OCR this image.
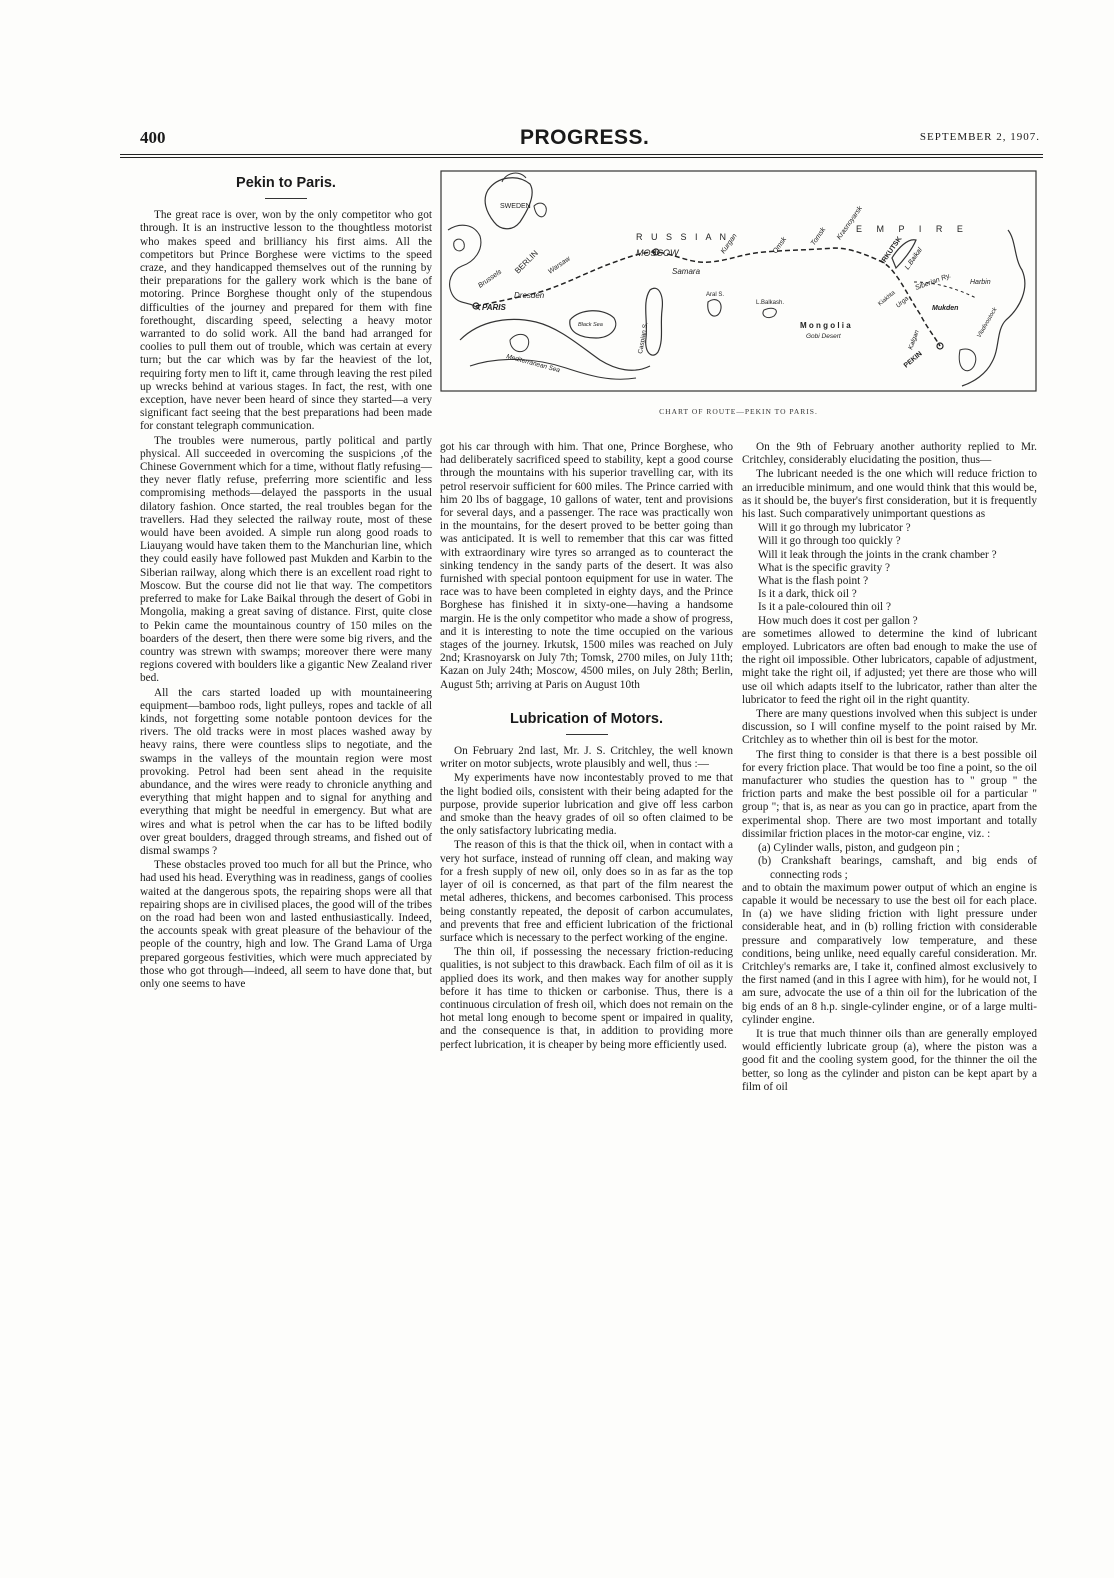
400	PROGRESS.	SEPTEMBER 2, 1907.
Pekin to Paris.

The great race is over, won by the only competitor who got through. It is an instructive lesson to the thoughtless motorist who makes speed and brilliancy his first aims. All the competitors but Prince Borghese were victims to the speed craze, and they handicapped themselves out of the running by their preparations for the gallery work which is the bane of motoring. Prince Borghese thought only of the stupendous difficulties of the journey and prepared for them with fine forethought, discarding speed, selecting a heavy motor warranted to do solid work. All the band had arranged for coolies to pull them out of trouble, which was certain at every turn; but the car which was by far the heaviest of the lot, requiring forty men to lift it, came through leaving the rest piled up wrecks behind at various stages. In fact, the rest, with one exception, have never been heard of since they started—a very significant fact seeing that the best preparations had been made for constant telegraph communication.

The troubles were numerous, partly political and partly physical. All succeeded in overcoming the suspicions ,of the Chinese Government which for a time, without flatly refusing—they never flatly refuse, preferring more scientific and less compromising methods—delayed the passports in the usual dilatory fashion. Once started, the real troubles began for the travellers. Had they selected the railway route, most of these would have been avoided. A simple run along good roads to Liauyang would have taken them to the Manchurian line, which they could easily have followed past Mukden and Karbin to the Siberian railway, along which there is an excellent road right to Moscow. But the course did not lie that way. The competitors preferred to make for Lake Baikal through the desert of Gobi in Mongolia, making a great saving of distance. First, quite close to Pekin came the mountainous country of 150 miles on the boarders of the desert, then there were some big rivers, and the country was strewn with swamps; moreover there were many regions covered with boulders like a gigantic New Zealand river bed.

All the cars started loaded up with mountaineering equipment—bamboo rods, light pulleys, ropes and tackle of all kinds, not forgetting some notable pontoon devices for the rivers. The old tracks were in most places washed away by heavy rains, there were countless slips to negotiate, and the swamps in the valleys of the mountain region were most provoking. Petrol had been sent ahead in the requisite abundance, and the wires were ready to chronicle anything and everything that might happen and to signal for anything and everything that might be needful in emergency. But what are wires and what is petrol when the car has to be lifted bodily over great boulders, dragged through streams, and fished out of dismal swamps ?

These obstacles proved too much for all but the Prince, who had used his head. Everything was in readiness, gangs of coolies waited at the dangerous spots, the repairing shops were all that repairing shops are in civilised places, the good will of the tribes on the road had been won and lasted enthusiastically. Indeed, the accounts speak with great pleasure of the behaviour of the people of the country, high and low. The Grand Lama of Urga prepared gorgeous festivities, which were much appreciated by those who got through—indeed, all seem to have done that, but only one seems to have

SWEDEN
R U S S I A N
E M P I R E
MOSCOW
Samara
Kurgan	Omsk	Tomsk Krasnoyarsk
IRKUTSK L.Baikal
BERLIN Warsaw
Brussels
Dresden
PARIS
Caspian S.
Aral S.
L.Balkash.
Siberian Ry.	Harbin
Mukden
Kiakhta
Urga
M o n g o l i a
Gobi Desert	Kalgan
PEKIN
Vladivostock
Mediterranean Sea
Black Sea
CHART OF ROUTE—PEKIN TO PARIS.

got his car through with him. That one, Prince Borghese, who had deliberately sacrificed speed to stability, kept a good course through the mountains with his superior travelling car, with its petrol reservoir sufficient for 600 miles. The Prince carried with him 20 lbs of baggage, 10 gallons of water, tent and provisions for several days, and a passenger. The race was practically won in the mountains, for the desert proved to be better going than was anticipated. It is well to remember that this car was fitted with extraordinary wire tyres so arranged as to counteract the sinking tendency in the sandy parts of the desert. It was also furnished with special pontoon equipment for use in water. The race was to have been completed in eighty days, and the Prince Borghese has finished it in sixty-one—having a handsome margin. He is the only competitor who made a show of progress, and it is interesting to note the time occupied on the various stages of the journey. Irkutsk, 1500 miles was reached on July 2nd; Krasnoyarsk on July 7th; Tomsk, 2700 miles, on July 11th; Kazan on July 24th; Moscow, 4500 miles, on July 28th; Berlin, August 5th; arriving at Paris on August 10th

Lubrication of Motors.

On February 2nd last, Mr. J. S. Critchley, the well known writer on motor subjects, wrote plausibly and well, thus :—

My experiments have now incontestably proved to me that the light bodied oils, consistent with their being adapted for the purpose, provide superior lubrication and give off less carbon and smoke than the heavy grades of oil so often claimed to be the only satisfactory lubricating media.

The reason of this is that the thick oil, when in contact with a very hot surface, instead of running off clean, and making way for a fresh supply of new oil, only does so in as far as the top layer of oil is concerned, as that part of the film nearest the metal adheres, thickens, and becomes carbonised. This process being constantly repeated, the deposit of carbon accumulates, and prevents that free and efficient lubrication of the frictional surface which is necessary to the perfect working of the engine.

The thin oil, if possessing the necessary friction-reducing qualities, is not subject to this drawback. Each film of oil as it is applied does its work, and then makes way for another supply before it has time to thicken or carbonise. Thus, there is a continuous circulation of fresh oil, which does not remain on the hot metal long enough to become spent or impaired in quality, and the consequence is that, in addition to providing more perfect lubrication, it is cheaper by being more efficiently used.

On the 9th of February another authority replied to Mr. Critchley, considerably elucidating the position, thus—

The lubricant needed is the one which will reduce friction to an irreducible minimum, and one would think that this would be, as it should be, the buyer's first consideration, but it is frequently his last. Such comparatively unimportant questions as

Will it go through my lubricator ?

Will it go through too quickly ?

Will it leak through the joints in the crank chamber ?

What is the specific gravity ?

What is the flash point ?

Is it a dark, thick oil ?

Is it a pale-coloured thin oil ?

How much does it cost per gallon ?

are sometimes allowed to determine the kind of lubricant employed. Lubricators are often bad enough to make the use of the right oil impossible. Other lubricators, capable of adjustment, might take the right oil, if adjusted; yet there are those who will use oil which adapts itself to the lubricator, rather than alter the lubricator to feed the right oil in the right quantity.

There are many questions involved when this subject is under discussion, so I will confine myself to the point raised by Mr. Critchley as to whether thin oil is best for the motor.

The first thing to consider is that there is a best possible oil for every friction place. That would be too fine a point, so the oil manufacturer who studies the question has to " group " the friction parts and make the best possible oil for a particular " group "; that is, as near as you can go in practice, apart from the experimental shop. There are two most important and totally dissimilar friction places in the motor-car engine, viz. :

(a) Cylinder walls, piston, and gudgeon pin ;

(b) Crankshaft bearings, camshaft, and big ends of connecting rods ;

and to obtain the maximum power output of which an engine is capable it would be necessary to use the best oil for each place. In (a) we have sliding friction with light pressure under considerable heat, and in (b) rolling friction with considerable pressure and comparatively low temperature, and these conditions, being unlike, need equally careful consideration. Mr. Critchley's remarks are, I take it, confined almost exclusively to the first named (and in this I agree with him), for he would not, I am sure, advocate the use of a thin oil for the lubrication of the big ends of an 8 h.p. single-cylinder engine, or of a large multi-cylinder engine.

It is true that much thinner oils than are generally employed would efficiently lubricate group (a), where the piston was a good fit and the cooling system good, for the thinner the oil the better, so long as the cylinder and piston can be kept apart by a film of oil
